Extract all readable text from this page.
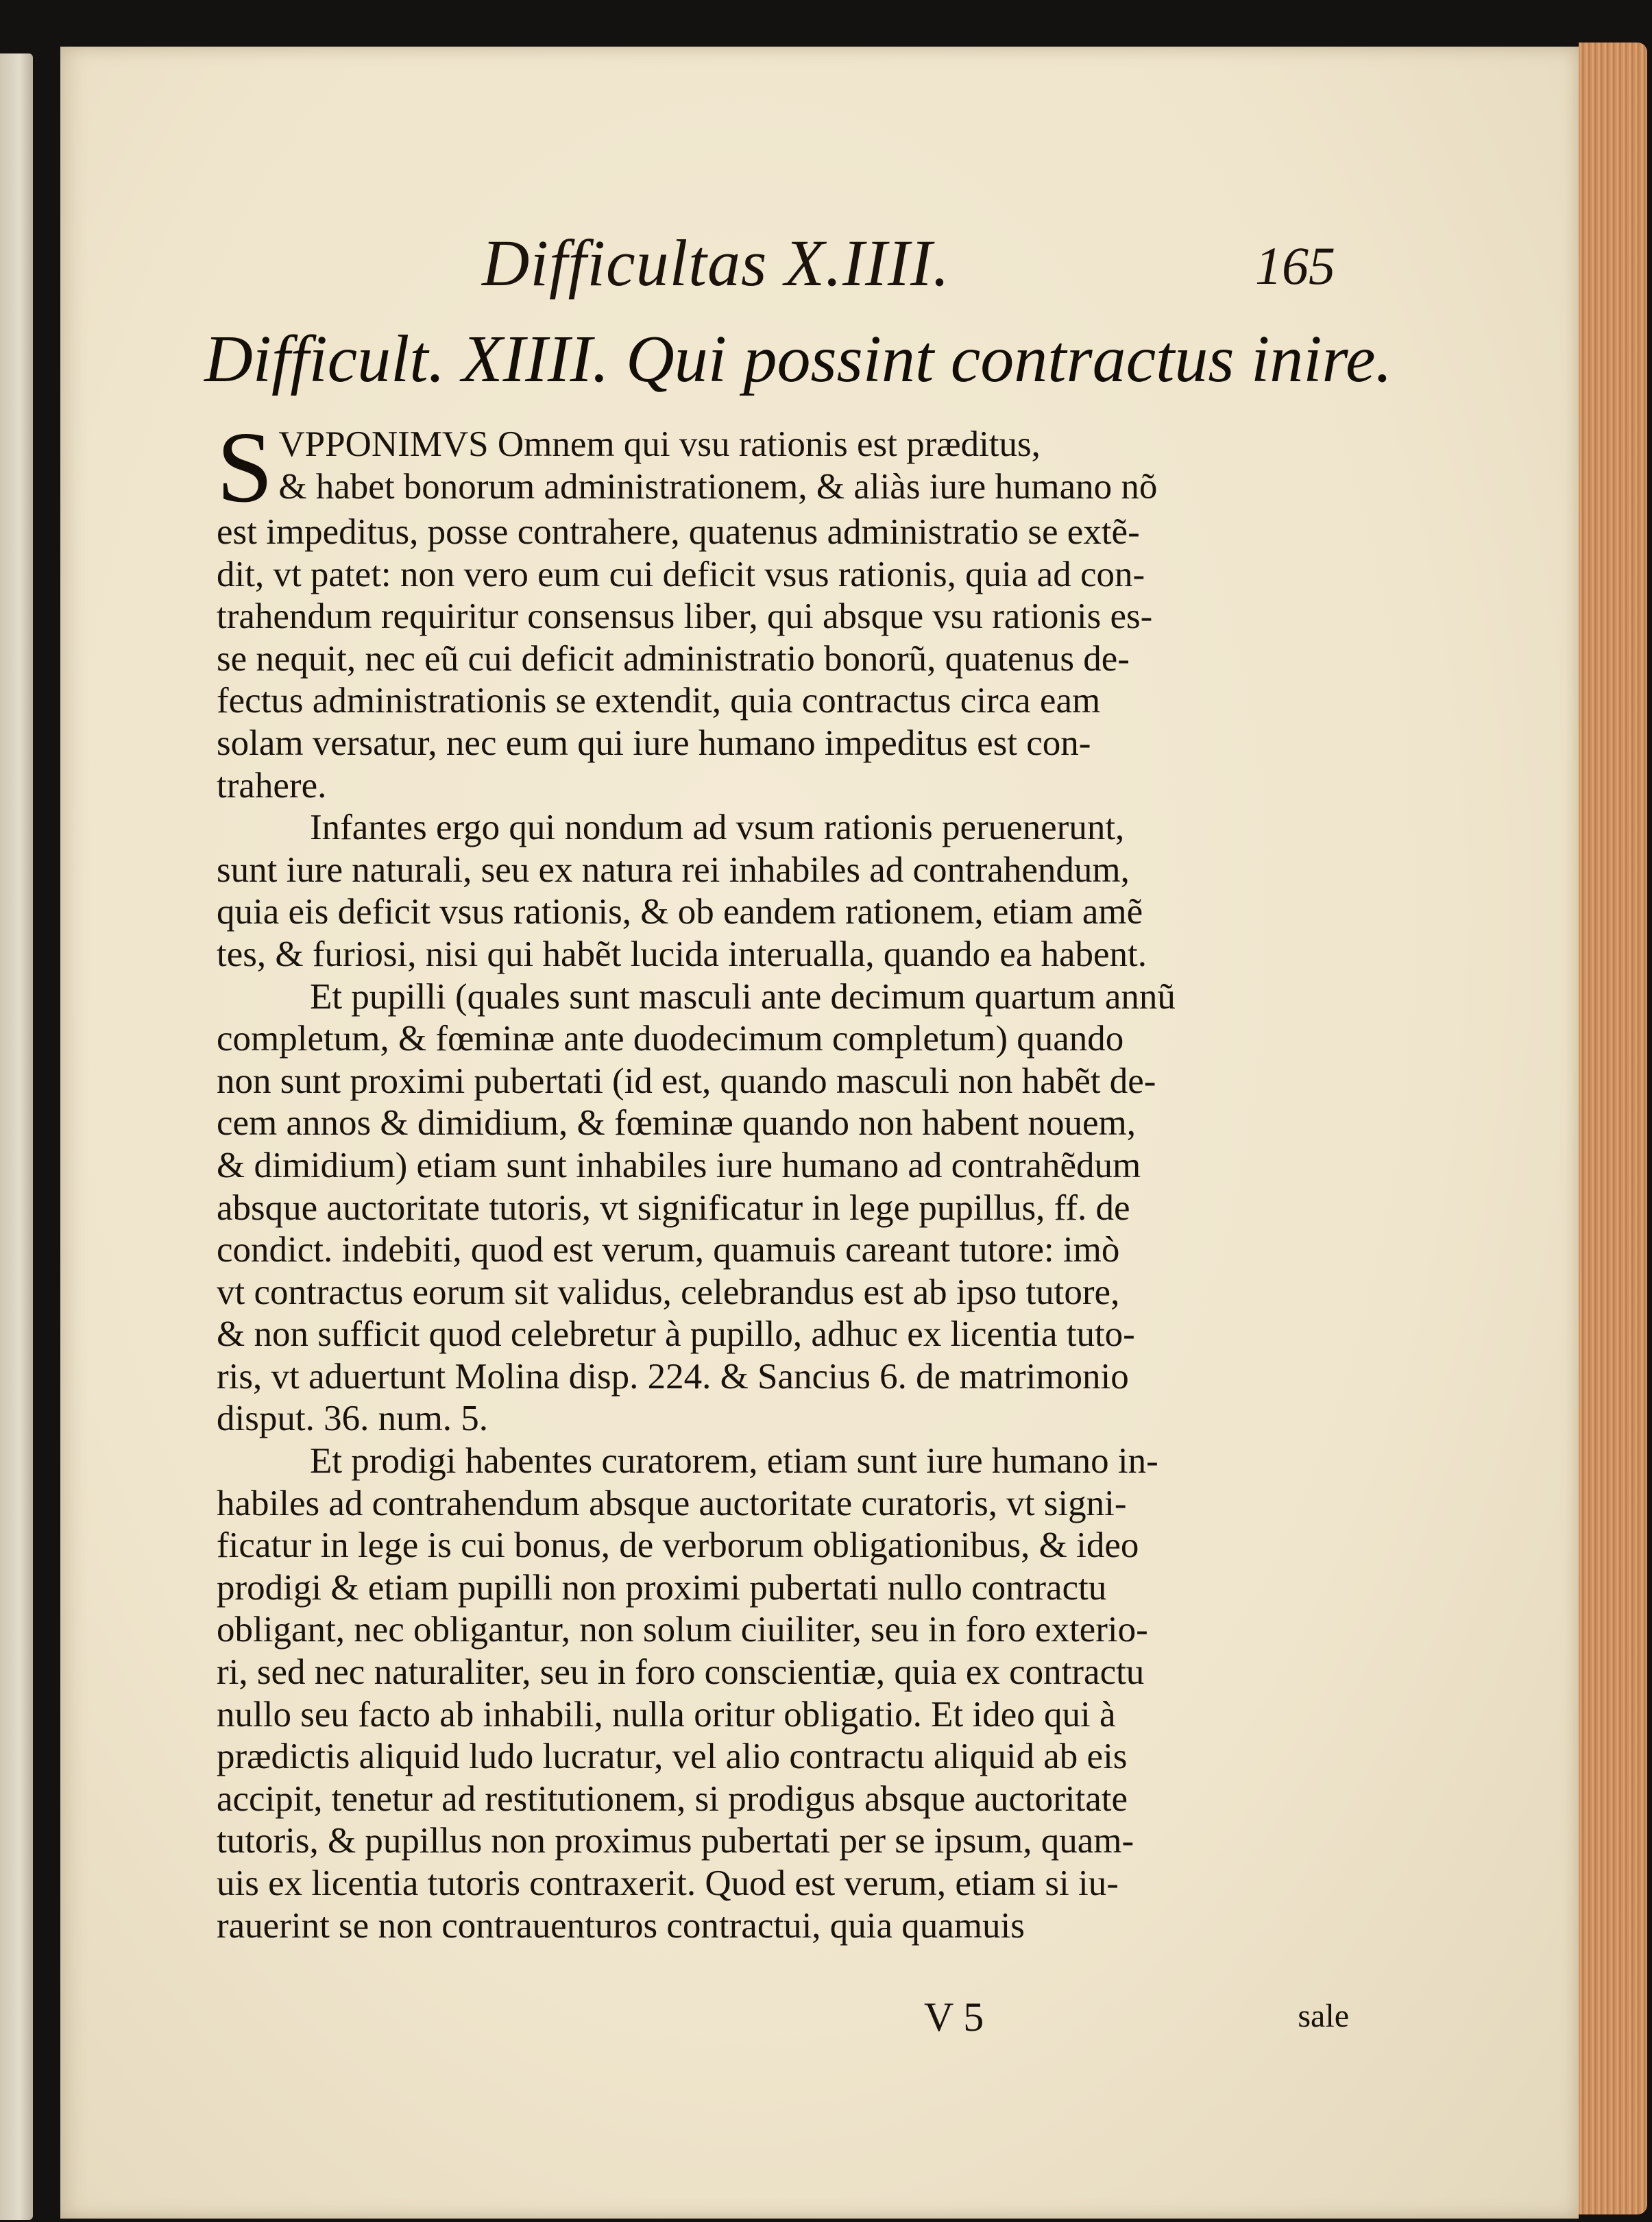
Difficultas X.IIII.	165
Difficult. XIIII. Qui possint contractus inire.
S VPPONIMVS Omnem qui vsu rationis est præditus,
& habet bonorum administrationem, & aliàs iure humano nõ
est impeditus, posse contrahere, quatenus administratio se extẽ-
dit, vt patet: non vero eum cui deficit vsus rationis, quia ad con-
trahendum requiritur consensus liber, qui absque vsu rationis es-
se nequit, nec eũ cui deficit administratio bonorũ, quatenus de-
fectus administrationis se extendit, quia contractus circa eam
solam versatur, nec eum qui iure humano impeditus est con-
trahere.
Infantes ergo qui nondum ad vsum rationis peruenerunt,
sunt iure naturali, seu ex natura rei inhabiles ad contrahendum,
quia eis deficit vsus rationis, & ob eandem rationem, etiam amẽ
tes, & furiosi, nisi qui habẽt lucida interualla, quando ea habent.
Et pupilli (quales sunt masculi ante decimum quartum annũ
completum, & fœminæ ante duodecimum completum) quando
non sunt proximi pubertati (id est, quando masculi non habẽt de-
cem annos & dimidium, & fœminæ quando non habent nouem,
& dimidium) etiam sunt inhabiles iure humano ad contrahẽdum
absque auctoritate tutoris, vt significatur in lege pupillus, ff. de
condict. indebiti, quod est verum, quamuis careant tutore: imò
vt contractus eorum sit validus, celebrandus est ab ipso tutore,
& non sufficit quod celebretur à pupillo, adhuc ex licentia tuto-
ris, vt aduertunt Molina disp. 224. & Sancius 6. de matrimonio
disput. 36. num. 5.
Et prodigi habentes curatorem, etiam sunt iure humano in-
habiles ad contrahendum absque auctoritate curatoris, vt signi-
ficatur in lege is cui bonus, de verborum obligationibus, & ideo
prodigi & etiam pupilli non proximi pubertati nullo contractu
obligant, nec obligantur, non solum ciuiliter, seu in foro exterio-
ri, sed nec naturaliter, seu in foro conscientiæ, quia ex contractu
nullo seu facto ab inhabili, nulla oritur obligatio. Et ideo qui à
prædictis aliquid ludo lucratur, vel alio contractu aliquid ab eis
accipit, tenetur ad restitutionem, si prodigus absque auctoritate
tutoris, & pupillus non proximus pubertati per se ipsum, quam-
uis ex licentia tutoris contraxerit. Quod est verum, etiam si iu-
rauerint se non contrauenturos contractui, quia quamuis
V 5	sale
